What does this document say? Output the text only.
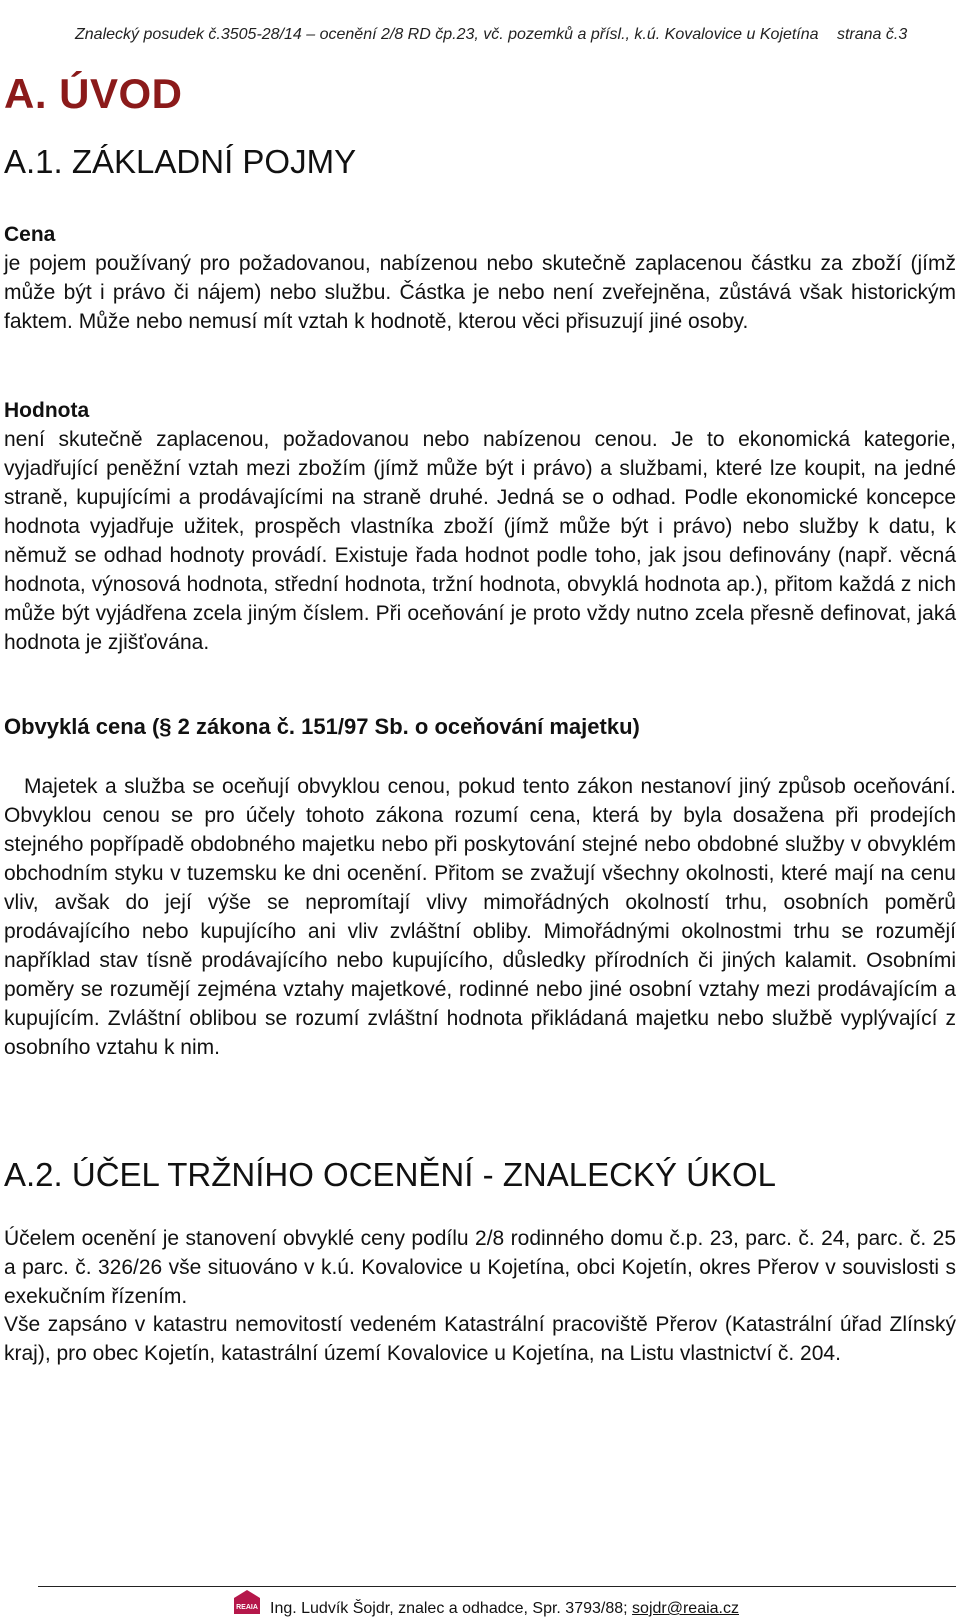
Znalecký posudek č.3505-28/14 – ocenění 2/8 RD čp.23, vč. pozemků a přísl., k.ú. Kovalovice u Kojetína strana č.3
A. ÚVOD
A.1. ZÁKLADNÍ POJMY
Cena
je pojem používaný pro požadovanou, nabízenou nebo skutečně zaplacenou částku za zboží (jímž může být i právo či nájem) nebo službu. Částka je nebo není zveřejněna, zůstává však historickým faktem. Může nebo nemusí mít vztah k hodnotě, kterou věci přisuzují jiné osoby.
Hodnota
není skutečně zaplacenou, požadovanou nebo nabízenou cenou. Je to ekonomická kategorie, vyjadřující peněžní vztah mezi zbožím (jímž může být i právo) a službami, které lze koupit, na jedné straně, kupujícími a prodávajícími na straně druhé. Jedná se o odhad. Podle ekonomické koncepce hodnota vyjadřuje užitek, prospěch vlastníka zboží (jímž může být i právo) nebo služby k datu, k němuž se odhad hodnoty provádí. Existuje řada hodnot podle toho, jak jsou definovány (např. věcná hodnota, výnosová hodnota, střední hodnota, tržní hodnota, obvyklá hodnota ap.), přitom každá z nich může být vyjádřena zcela jiným číslem. Při oceňování je proto vždy nutno zcela přesně definovat, jaká hodnota je zjišťována.
Obvyklá cena (§ 2 zákona č. 151/97 Sb. o oceňování majetku)

Majetek a služba se oceňují obvyklou cenou, pokud tento zákon nestanoví jiný způsob oceňování. Obvyklou cenou se pro účely tohoto zákona rozumí cena, která by byla dosažena při prodejích stejného popřípadě obdobného majetku nebo při poskytování stejné nebo obdobné služby v obvyklém obchodním styku v tuzemsku ke dni ocenění. Přitom se zvažují všechny okolnosti, které mají na cenu vliv, avšak do její výše se nepromítají vlivy mimořádných okolností trhu, osobních poměrů prodávajícího nebo kupujícího ani vliv zvláštní obliby. Mimořádnými okolnostmi trhu se rozumějí například stav tísně prodávajícího nebo kupujícího, důsledky přírodních či jiných kalamit. Osobními poměry se rozumějí zejména vztahy majetkové, rodinné nebo jiné osobní vztahy mezi prodávajícím a kupujícím. Zvláštní oblibou se rozumí zvláštní hodnota přikládaná majetku nebo službě vyplývající z osobního vztahu k nim.

A.2. ÚČEL TRŽNÍHO OCENĚNÍ - ZNALECKÝ ÚKOL

Účelem ocenění je stanovení obvyklé ceny podílu 2/8 rodinného domu č.p. 23, parc. č. 24, parc. č. 25 a parc. č. 326/26 vše situováno v k.ú. Kovalovice u Kojetína, obci Kojetín, okres Přerov v souvislosti s exekučním řízením.

Vše zapsáno v katastru nemovitostí vedeném Katastrální pracoviště Přerov (Katastrální úřad Zlínský kraj), pro obec Kojetín, katastrální území Kovalovice u Kojetína, na Listu vlastnictví č. 204.

REAIA Ing. Ludvík Šojdr, znalec a odhadce, Spr. 3793/88; sojdr@reaia.cz
